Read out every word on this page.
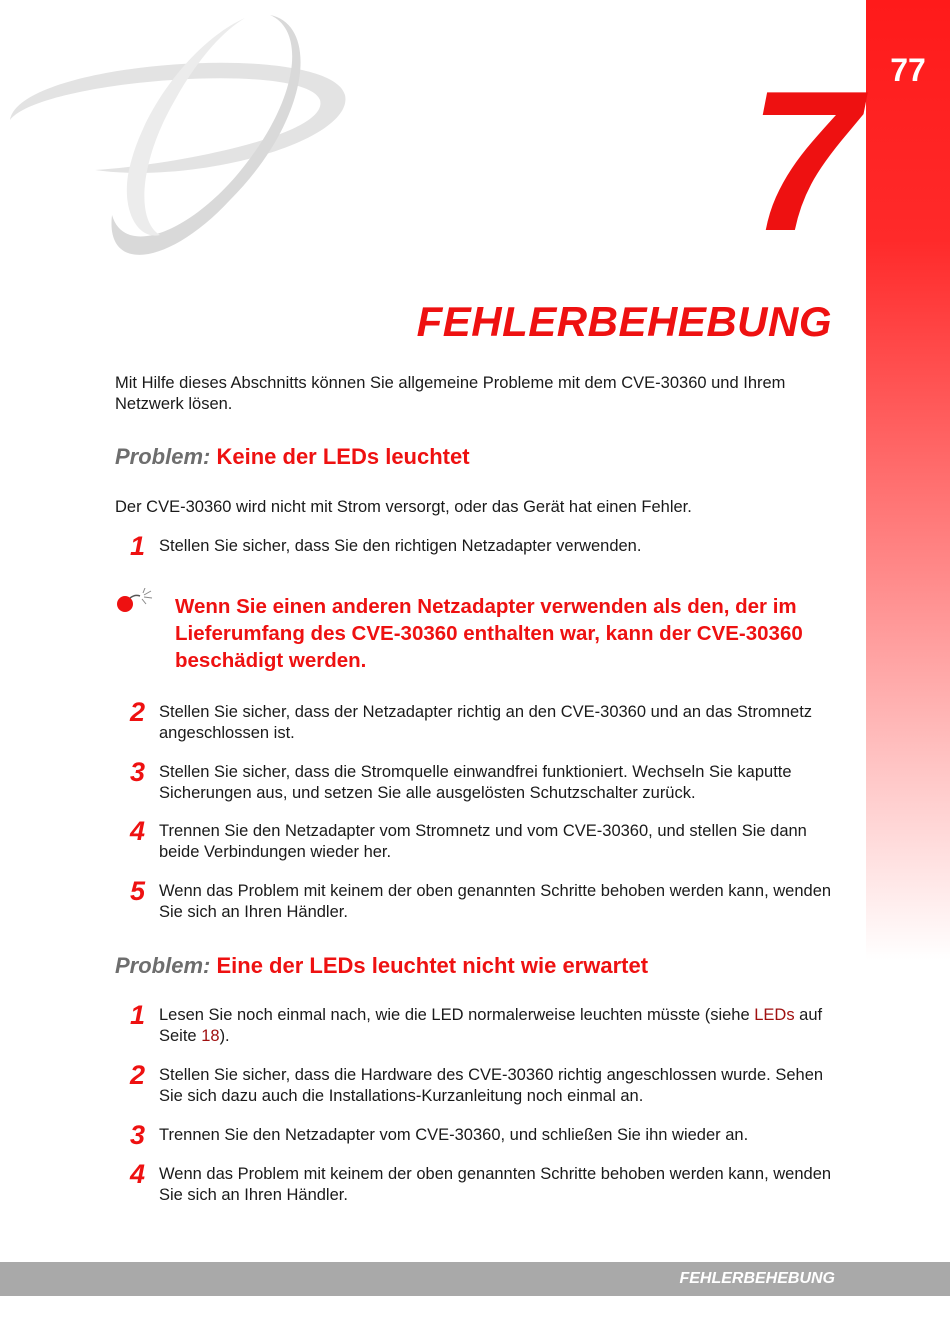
77
7
FEHLERBEHEBUNG
Mit Hilfe dieses Abschnitts können Sie allgemeine Probleme mit dem CVE-30360 und Ihrem Netzwerk lösen.
Problem: Keine der LEDs leuchtet
Der CVE-30360 wird nicht mit Strom versorgt, oder das Gerät hat einen Fehler.
1 Stellen Sie sicher, dass Sie den richtigen Netzadapter verwenden.
Wenn Sie einen anderen Netzadapter verwenden als den, der im Lieferumfang des CVE-30360 enthalten war, kann der CVE-30360 beschädigt werden.
2 Stellen Sie sicher, dass der Netzadapter richtig an den CVE-30360 und an das Stromnetz angeschlossen ist.
3 Stellen Sie sicher, dass die Stromquelle einwandfrei funktioniert. Wechseln Sie kaputte Sicherungen aus, und setzen Sie alle ausgelösten Schutzschalter zurück.
4 Trennen Sie den Netzadapter vom Stromnetz und vom CVE-30360, und stellen Sie dann beide Verbindungen wieder her.
5 Wenn das Problem mit keinem der oben genannten Schritte behoben werden kann, wenden Sie sich an Ihren Händler.
Problem: Eine der LEDs leuchtet nicht wie erwartet
1 Lesen Sie noch einmal nach, wie die LED normalerweise leuchten müsste (siehe LEDs auf Seite 18).
2 Stellen Sie sicher, dass die Hardware des CVE-30360 richtig angeschlossen wurde. Sehen Sie sich dazu auch die Installations-Kurzanleitung noch einmal an.
3 Trennen Sie den Netzadapter vom CVE-30360, und schließen Sie ihn wieder an.
4 Wenn das Problem mit keinem der oben genannten Schritte behoben werden kann, wenden Sie sich an Ihren Händler.
FEHLERBEHEBUNG
